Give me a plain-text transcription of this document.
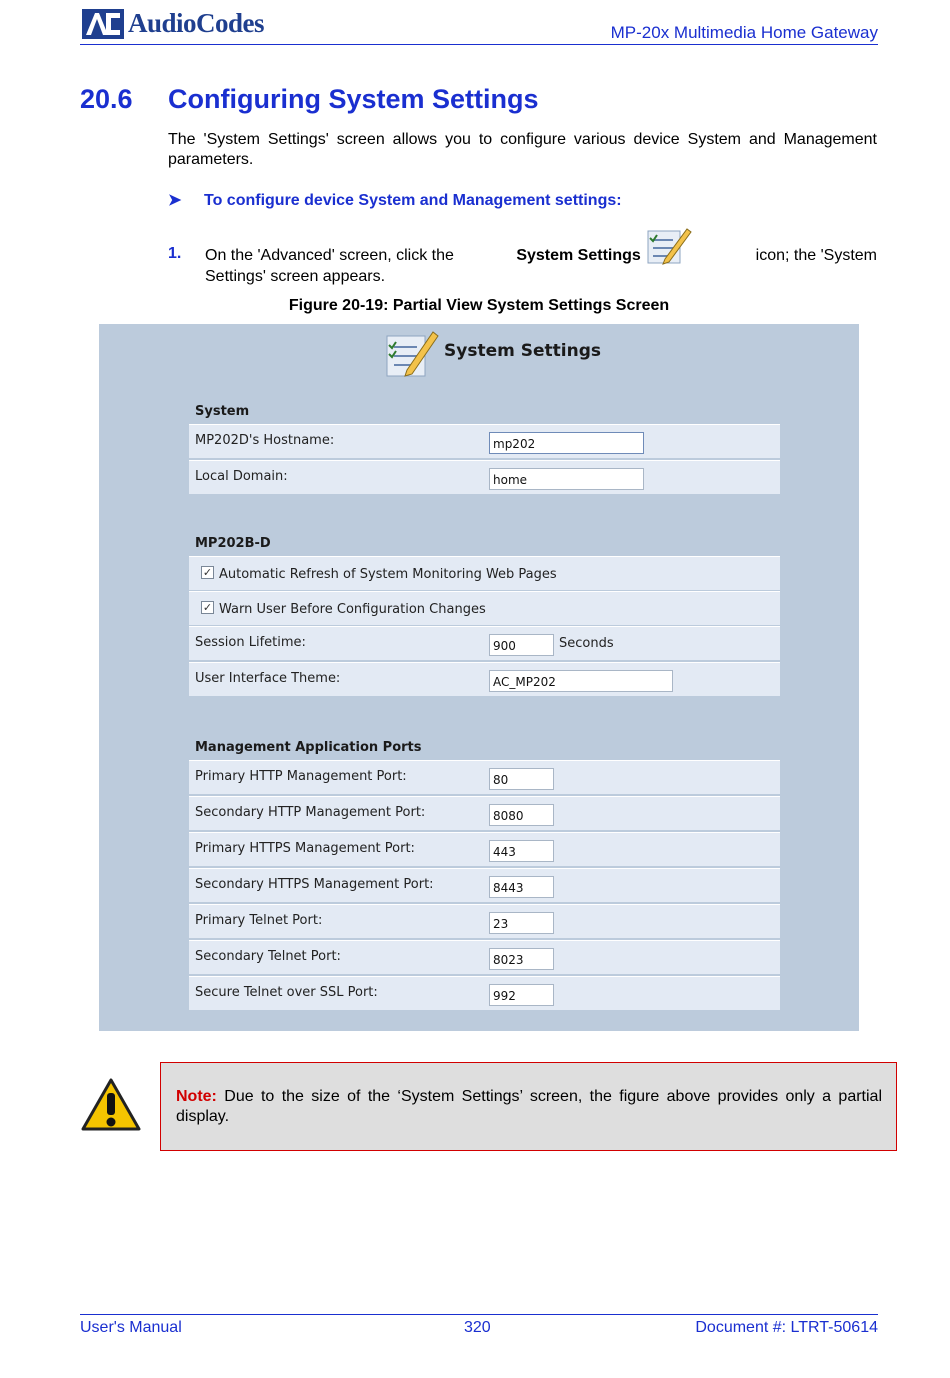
AudioCodes	MP-20x Multimedia Home Gateway
20.6 Configuring System Settings
The 'System Settings' screen allows you to configure various device System and Management parameters.
➤ To configure device System and Management settings:
1. On the 'Advanced' screen, click the	System Settings	icon; the 'System
Settings' screen appears.
Figure 20-19: Partial View System Settings Screen
System Settings
System
MP202D's Hostname:	mp202
Local Domain:	home
MP202B-D
✓ Automatic Refresh of System Monitoring Web Pages
✓ Warn User Before Configuration Changes
Session Lifetime:	900	Seconds
User Interface Theme:	AC_MP202
Management Application Ports
Primary HTTP Management Port:	80
Secondary HTTP Management Port:	8080
Primary HTTPS Management Port:	443
Secondary HTTPS Management Port:	8443
Primary Telnet Port:	23
Secondary Telnet Port:	8023
Secure Telnet over SSL Port:	992
Note: Due to the size of the ‘System Settings’ screen, the figure above provides only a partial display.
User's Manual	320	Document #: LTRT-50614
